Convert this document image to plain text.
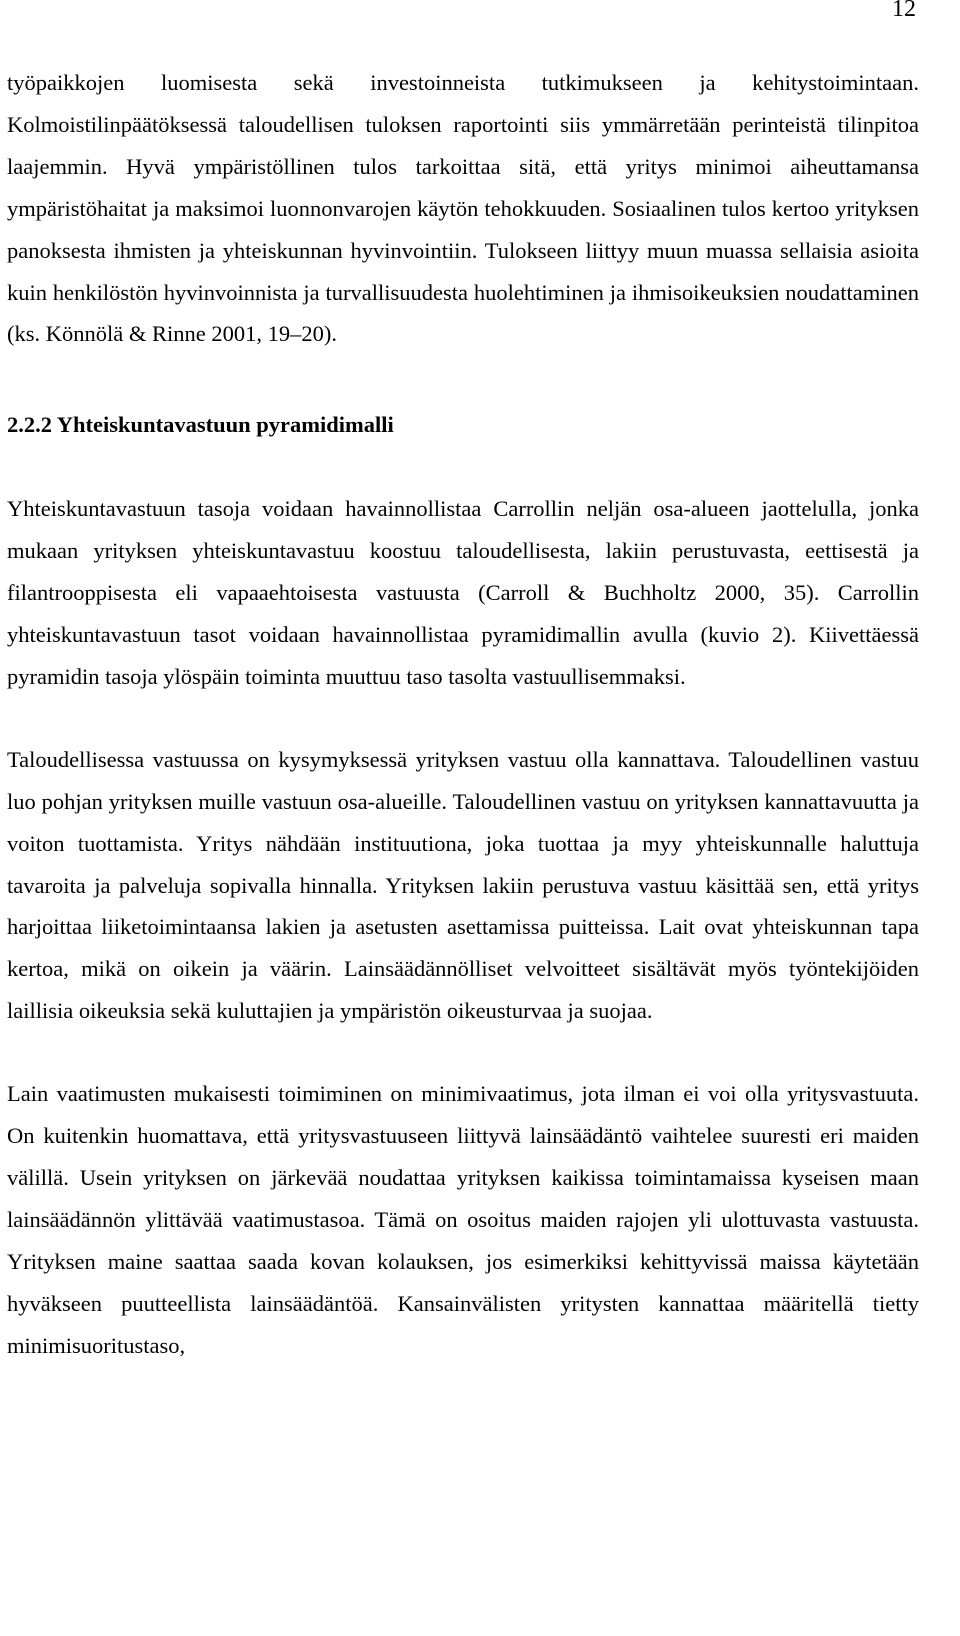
12

työpaikkojen luomisesta sekä investoinneista tutkimukseen ja kehitystoimintaan. Kolmoistilinpäätöksessä taloudellisen tuloksen raportointi siis ymmärretään perinteistä tilinpitoa laajemmin. Hyvä ympäristöllinen tulos tarkoittaa sitä, että yritys minimoi aiheuttamansa ympäristöhaitat ja maksimoi luonnonvarojen käytön tehokkuuden. Sosiaalinen tulos kertoo yrityksen panoksesta ihmisten ja yhteiskunnan hyvinvointiin. Tulokseen liittyy muun muassa sellaisia asioita kuin henkilöstön hyvinvoinnista ja turvallisuudesta huolehtiminen ja ihmisoikeuksien noudattaminen (ks. Könnölä & Rinne 2001, 19–20).

2.2.2 Yhteiskuntavastuun pyramidimalli

Yhteiskuntavastuun tasoja voidaan havainnollistaa Carrollin neljän osa-alueen jaottelulla, jonka mukaan yrityksen yhteiskuntavastuu koostuu taloudellisesta, lakiin perustuvasta, eettisestä ja filantrooppisesta eli vapaaehtoisesta vastuusta (Carroll & Buchholtz 2000, 35). Carrollin yhteiskuntavastuun tasot voidaan havainnollistaa pyramidimallin avulla (kuvio 2). Kiivettäessä pyramidin tasoja ylöspäin toiminta muuttuu taso tasolta vastuullisemmaksi.

Taloudellisessa vastuussa on kysymyksessä yrityksen vastuu olla kannattava. Taloudellinen vastuu luo pohjan yrityksen muille vastuun osa-alueille. Taloudellinen vastuu on yrityksen kannattavuutta ja voiton tuottamista. Yritys nähdään instituutiona, joka tuottaa ja myy yhteiskunnalle haluttuja tavaroita ja palveluja sopivalla hinnalla. Yrityksen lakiin perustuva vastuu käsittää sen, että yritys harjoittaa liiketoimintaansa lakien ja asetusten asettamissa puitteissa. Lait ovat yhteiskunnan tapa kertoa, mikä on oikein ja väärin. Lainsäädännölliset velvoitteet sisältävät myös työntekijöiden laillisia oikeuksia sekä kuluttajien ja ympäristön oikeusturvaa ja suojaa.

Lain vaatimusten mukaisesti toimiminen on minimivaatimus, jota ilman ei voi olla yritysvastuuta. On kuitenkin huomattava, että yritysvastuuseen liittyvä lainsäädäntö vaihtelee suuresti eri maiden välillä. Usein yrityksen on järkevää noudattaa yrityksen kaikissa toimintamaissa kyseisen maan lainsäädännön ylittävää vaatimustasoa. Tämä on osoitus maiden rajojen yli ulottuvasta vastuusta. Yrityksen maine saattaa saada kovan kolauksen, jos esimerkiksi kehittyvissä maissa käytetään hyväkseen puutteellista lainsäädäntöä. Kansainvälisten yritysten kannattaa määritellä tietty minimisuoritustaso,
